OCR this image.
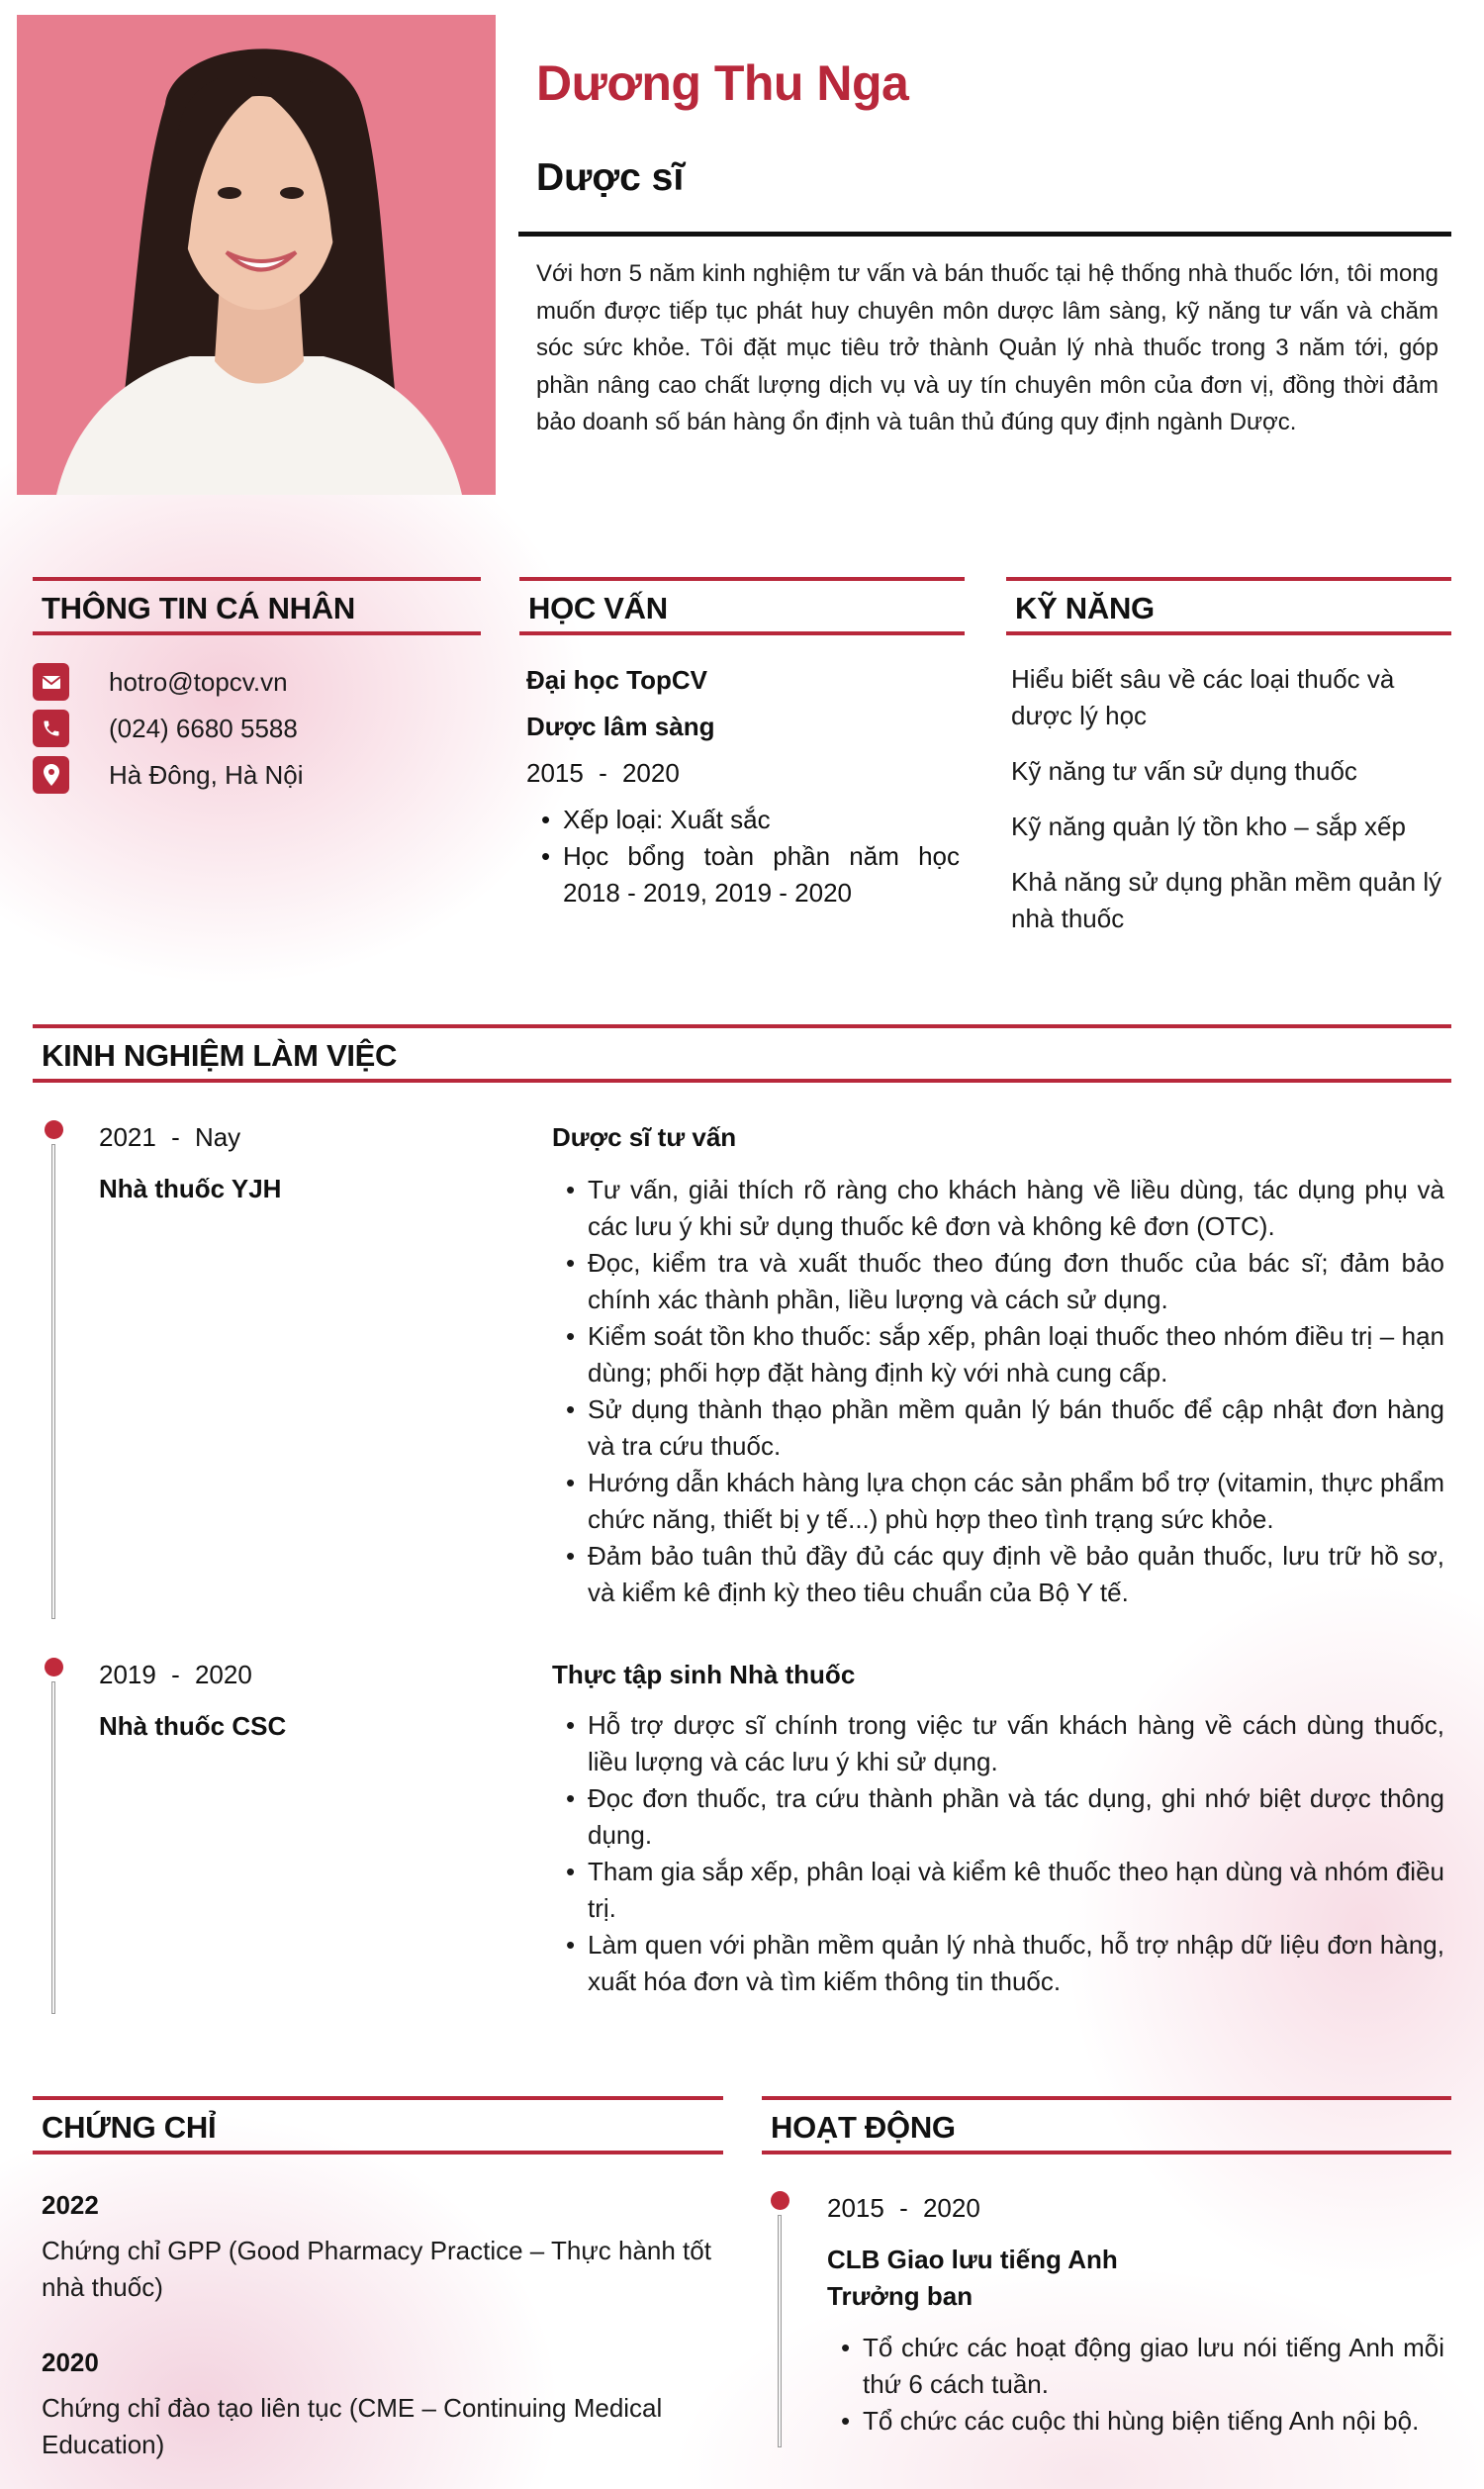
Dương Thu Nga
Dược sĩ

Với hơn 5 năm kinh nghiệm tư vấn và bán thuốc tại hệ thống nhà thuốc lớn, tôi mong muốn được tiếp tục phát huy chuyên môn dược lâm sàng, kỹ năng tư vấn và chăm sóc sức khỏe. Tôi đặt mục tiêu trở thành Quản lý nhà thuốc trong 3 năm tới, góp phần nâng cao chất lượng dịch vụ và uy tín chuyên môn của đơn vị, đồng thời đảm bảo doanh số bán hàng ổn định và tuân thủ đúng quy định ngành Dược.

THÔNG TIN CÁ NHÂN
hotro@topcv.vn
(024) 6680 5588
Hà Đông, Hà Nội
HỌC VẤN
Đại học TopCV
Dược lâm sàng
2015 - 2020
• Xếp loại: Xuất sắc
• Học bổng toàn phần năm học 2018 - 2019, 2019 - 2020
KỸ NĂNG
Hiểu biết sâu về các loại thuốc và dược lý học
Kỹ năng tư vấn sử dụng thuốc
Kỹ năng quản lý tồn kho – sắp xếp
Khả năng sử dụng phần mềm quản lý nhà thuốc
KINH NGHIỆM LÀM VIỆC
2021 - Nay
Nhà thuốc YJH
Dược sĩ tư vấn
• Tư vấn, giải thích rõ ràng cho khách hàng về liều dùng, tác dụng phụ và các lưu ý khi sử dụng thuốc kê đơn và không kê đơn (OTC).
• Đọc, kiểm tra và xuất thuốc theo đúng đơn thuốc của bác sĩ; đảm bảo chính xác thành phần, liều lượng và cách sử dụng.
• Kiểm soát tồn kho thuốc: sắp xếp, phân loại thuốc theo nhóm điều trị – hạn dùng; phối hợp đặt hàng định kỳ với nhà cung cấp.
• Sử dụng thành thạo phần mềm quản lý bán thuốc để cập nhật đơn hàng và tra cứu thuốc.
• Hướng dẫn khách hàng lựa chọn các sản phẩm bổ trợ (vitamin, thực phẩm chức năng, thiết bị y tế...) phù hợp theo tình trạng sức khỏe.
• Đảm bảo tuân thủ đầy đủ các quy định về bảo quản thuốc, lưu trữ hồ sơ, và kiểm kê định kỳ theo tiêu chuẩn của Bộ Y tế.
2019 - 2020
Nhà thuốc CSC
Thực tập sinh Nhà thuốc
• Hỗ trợ dược sĩ chính trong việc tư vấn khách hàng về cách dùng thuốc, liều lượng và các lưu ý khi sử dụng.
• Đọc đơn thuốc, tra cứu thành phần và tác dụng, ghi nhớ biệt dược thông dụng.
• Tham gia sắp xếp, phân loại và kiểm kê thuốc theo hạn dùng và nhóm điều trị.
• Làm quen với phần mềm quản lý nhà thuốc, hỗ trợ nhập dữ liệu đơn hàng, xuất hóa đơn và tìm kiếm thông tin thuốc.
CHỨNG CHỈ
2022
Chứng chỉ GPP (Good Pharmacy Practice – Thực hành tốt nhà thuốc)
2020
Chứng chỉ đào tạo liên tục (CME – Continuing Medical Education)
HOẠT ĐỘNG
2015 - 2020
CLB Giao lưu tiếng Anh
Trưởng ban
• Tổ chức các hoạt động giao lưu nói tiếng Anh mỗi thứ 6 cách tuần.
• Tổ chức các cuộc thi hùng biện tiếng Anh nội bộ.
